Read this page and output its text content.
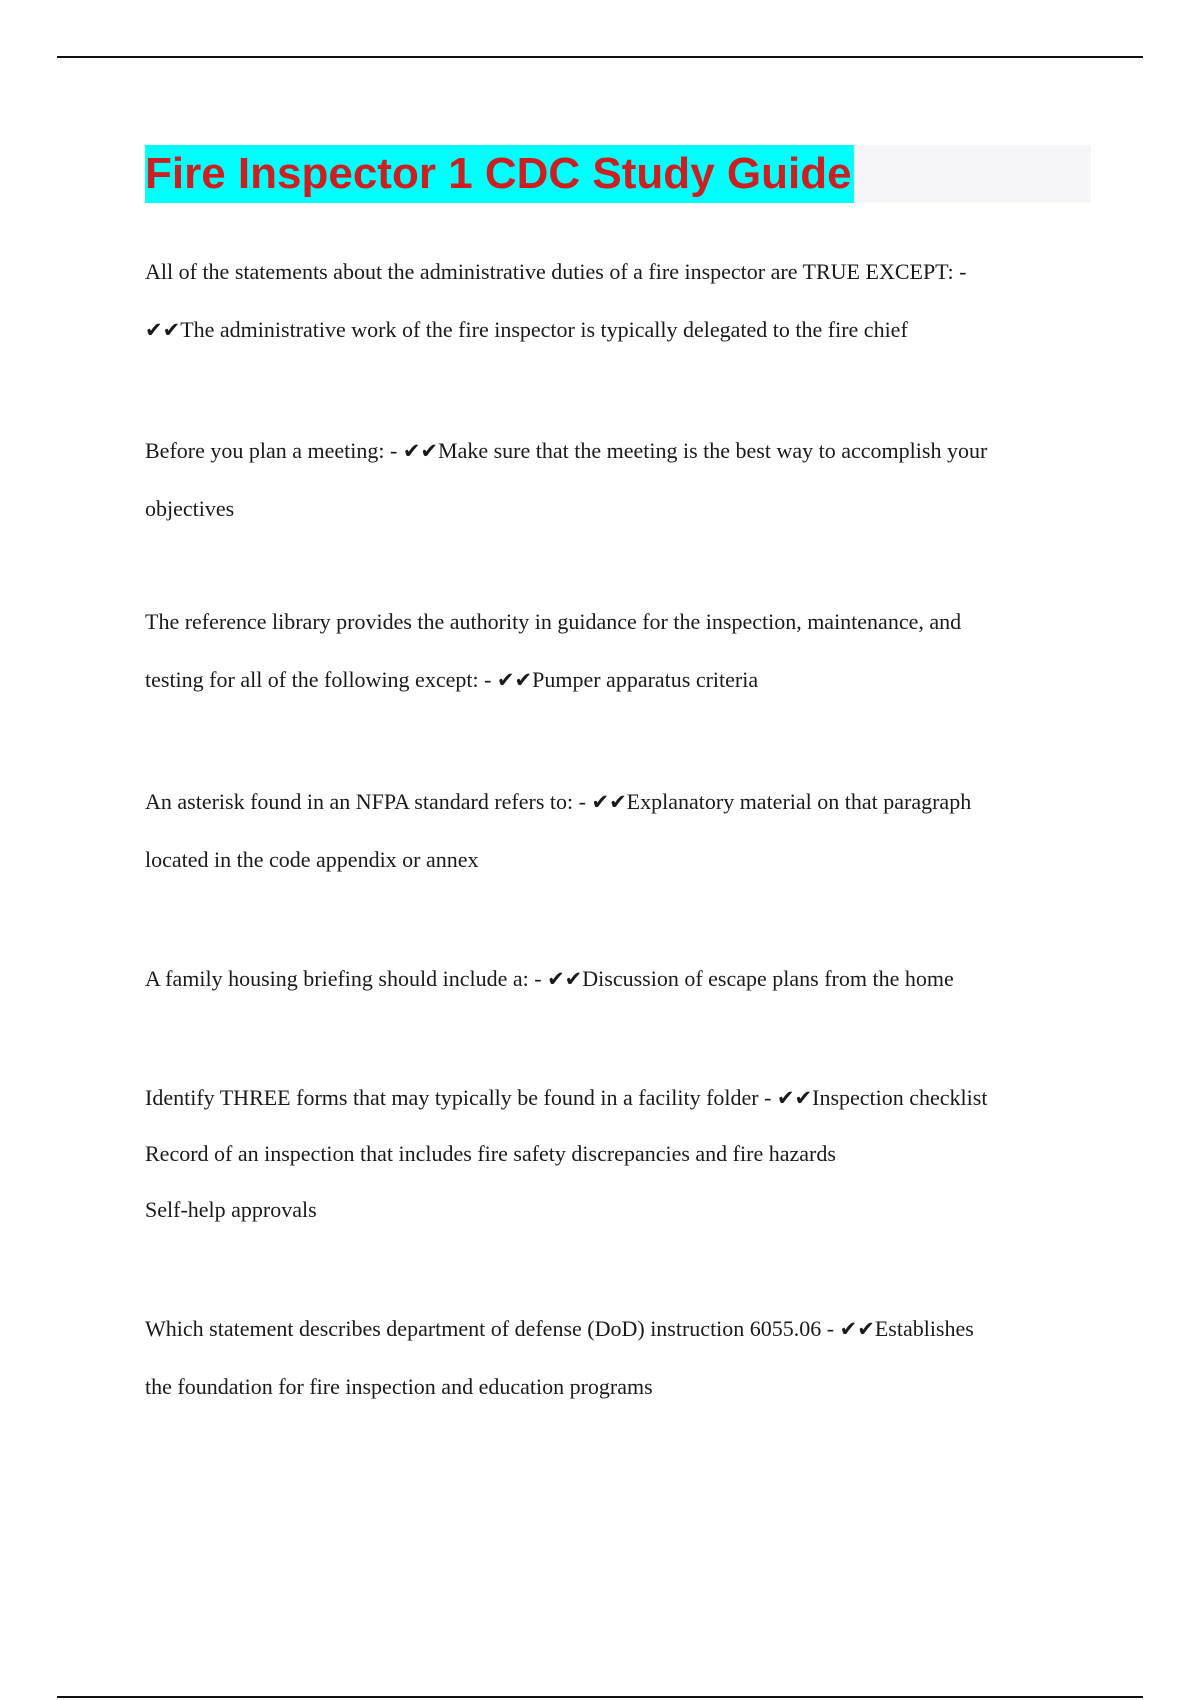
Fire Inspector 1 CDC Study Guide
All of the statements about the administrative duties of a fire inspector are TRUE EXCEPT: -
✔✔The administrative work of the fire inspector is typically delegated to the fire chief
Before you plan a meeting: - ✔✔Make sure that the meeting is the best way to accomplish your
objectives
The reference library provides the authority in guidance for the inspection, maintenance, and
testing for all of the following except: - ✔✔Pumper apparatus criteria
An asterisk found in an NFPA standard refers to: - ✔✔Explanatory material on that paragraph
located in the code appendix or annex
A family housing briefing should include a: - ✔✔Discussion of escape plans from the home
Identify THREE forms that may typically be found in a facility folder - ✔✔Inspection checklist
Record of an inspection that includes fire safety discrepancies and fire hazards
Self-help approvals
Which statement describes department of defense (DoD) instruction 6055.06 - ✔✔Establishes
the foundation for fire inspection and education programs
